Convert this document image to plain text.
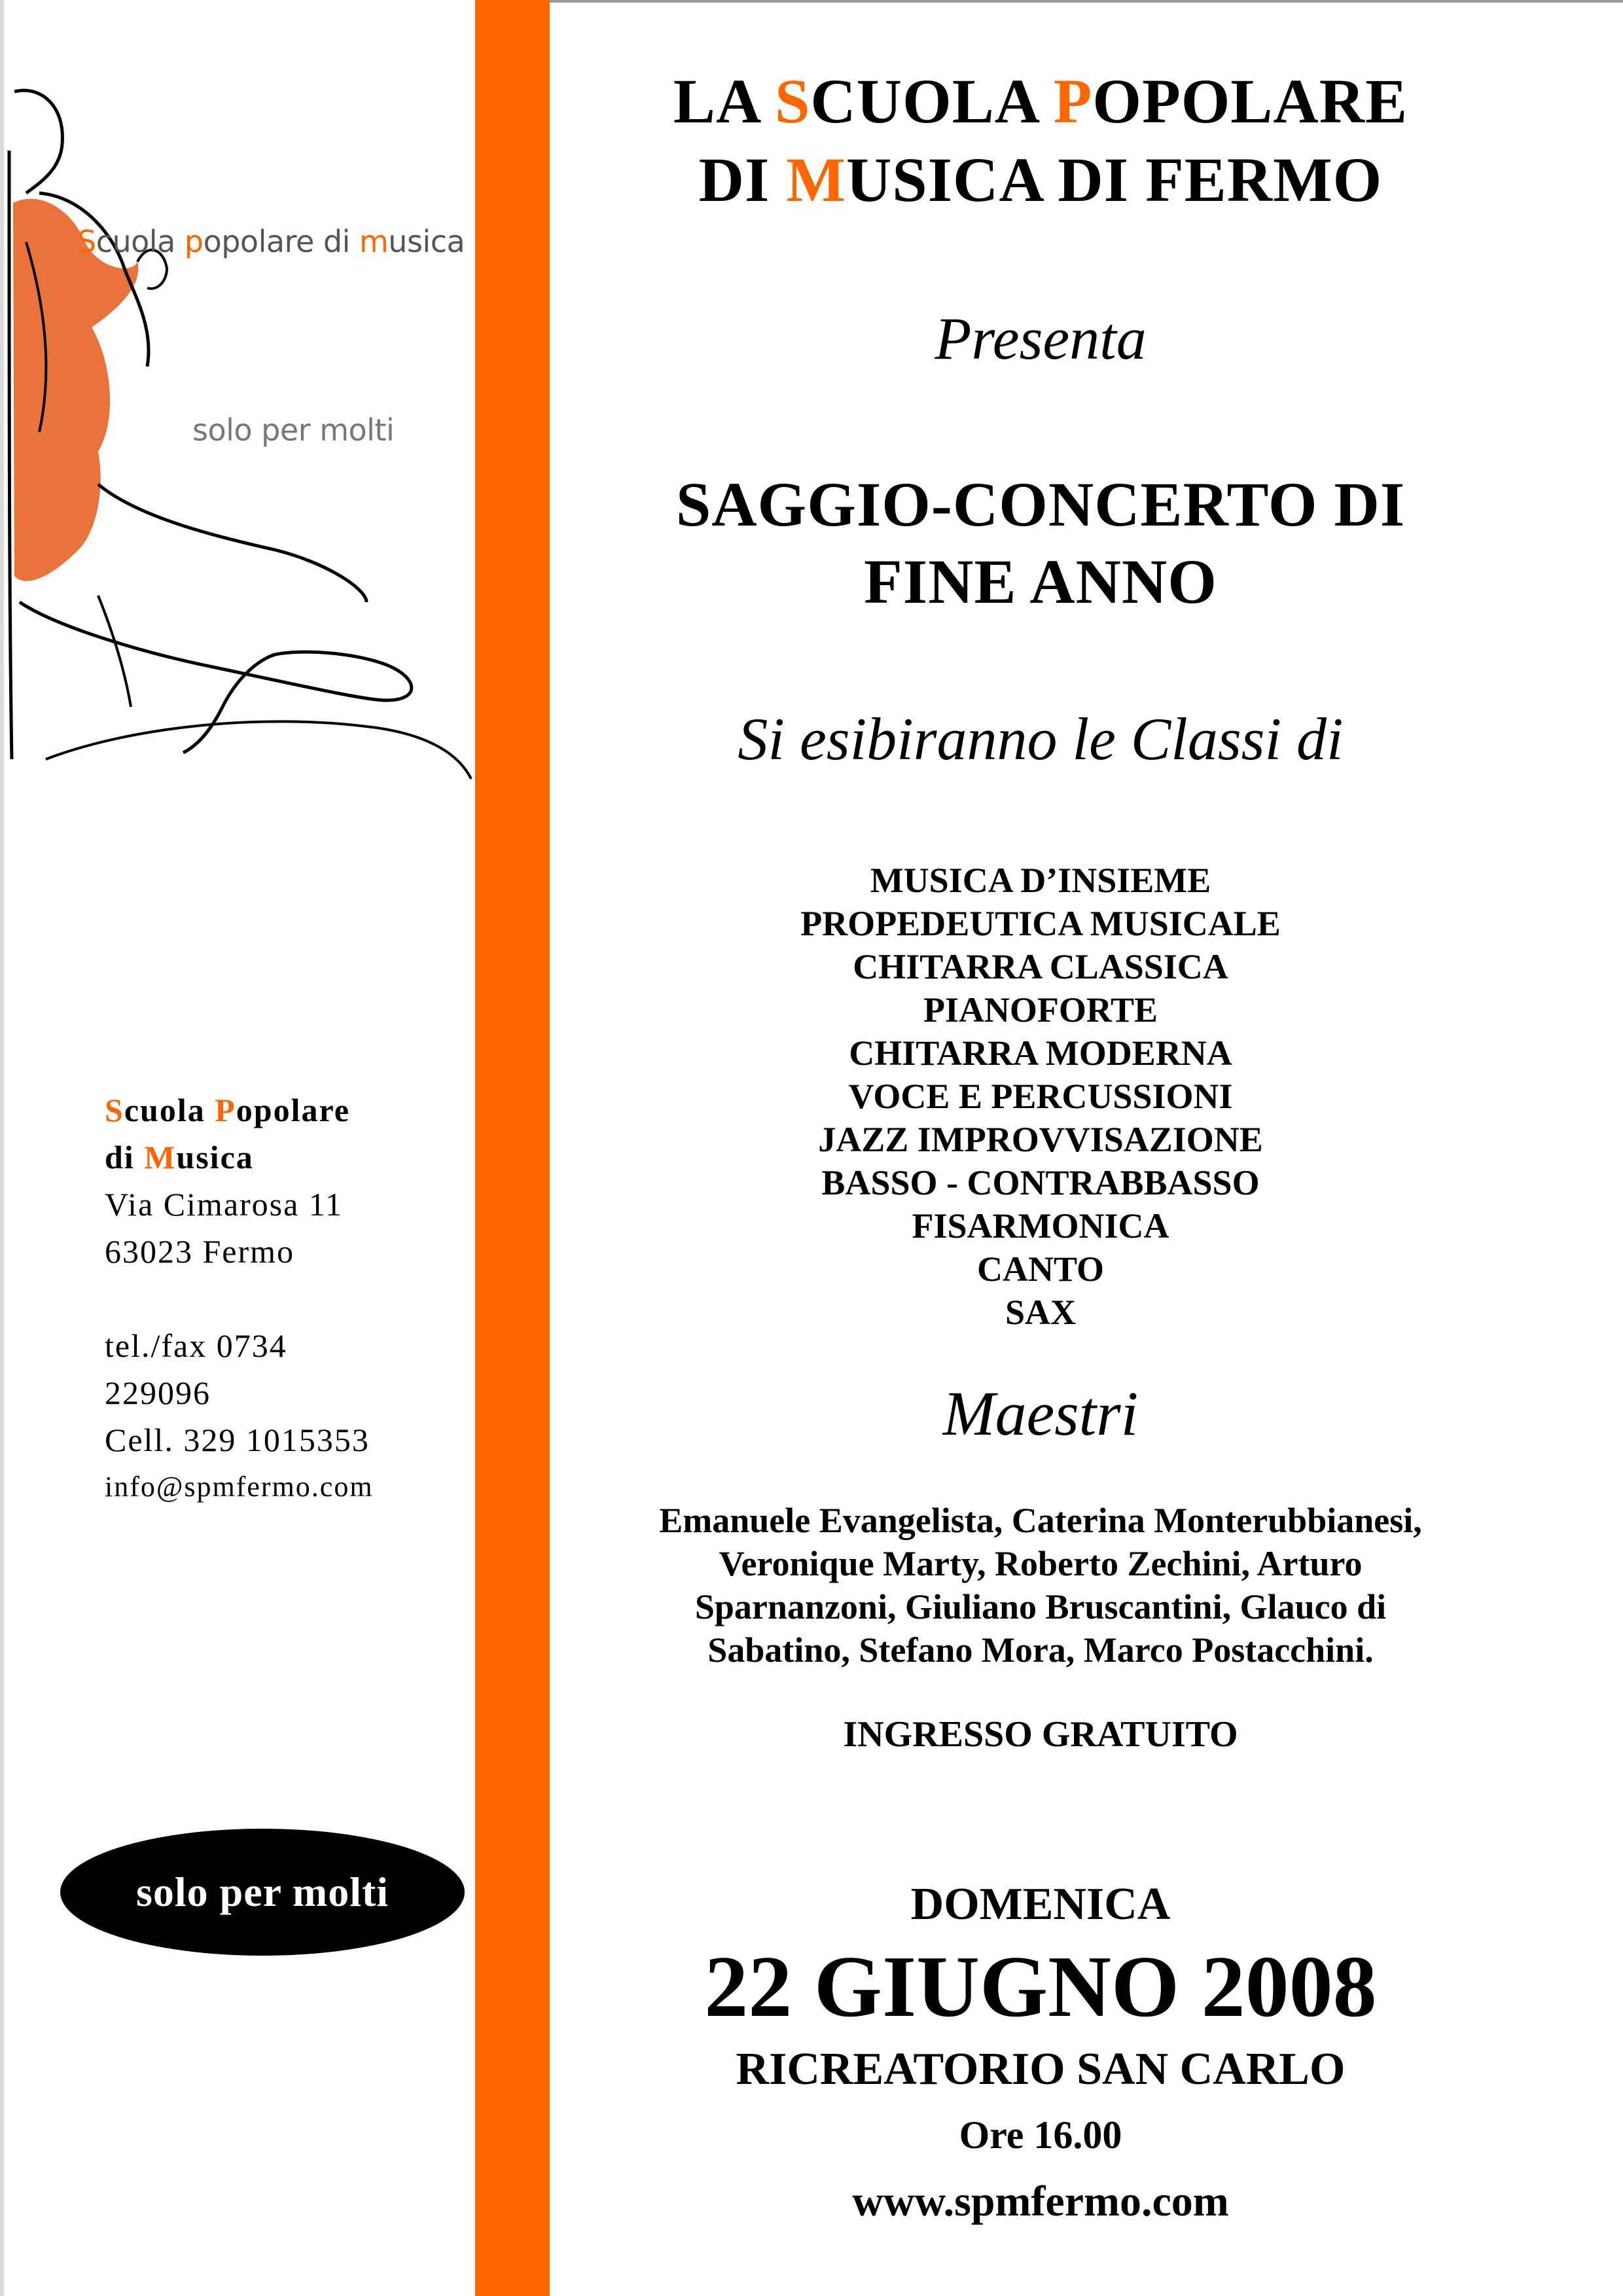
Scuola popolare di musica
solo per molti
Scuola Popolare
di Musica
Via Cimarosa 11
63023 Fermo
tel./fax 0734
229096
Cell. 329 1015353
info@spmfermo.com
solo per molti
LA SCUOLA POPOLARE
DI MUSICA DI FERMO
Presenta
SAGGIO-CONCERTO DI
FINE ANNO
Si esibiranno le Classi di
MUSICA D’INSIEME
PROPEDEUTICA MUSICALE
CHITARRA CLASSICA
PIANOFORTE
CHITARRA MODERNA
VOCE E PERCUSSIONI
JAZZ IMPROVVISAZIONE
BASSO - CONTRABBASSO
FISARMONICA
CANTO
SAX
Maestri
Emanuele Evangelista, Caterina Monterubbianesi,
Veronique Marty, Roberto Zechini, Arturo
Sparnanzoni, Giuliano Bruscantini, Glauco di
Sabatino, Stefano Mora, Marco Postacchini.
INGRESSO GRATUITO
DOMENICA
22 GIUGNO 2008
RICREATORIO SAN CARLO
Ore 16.00
www.spmfermo.com
